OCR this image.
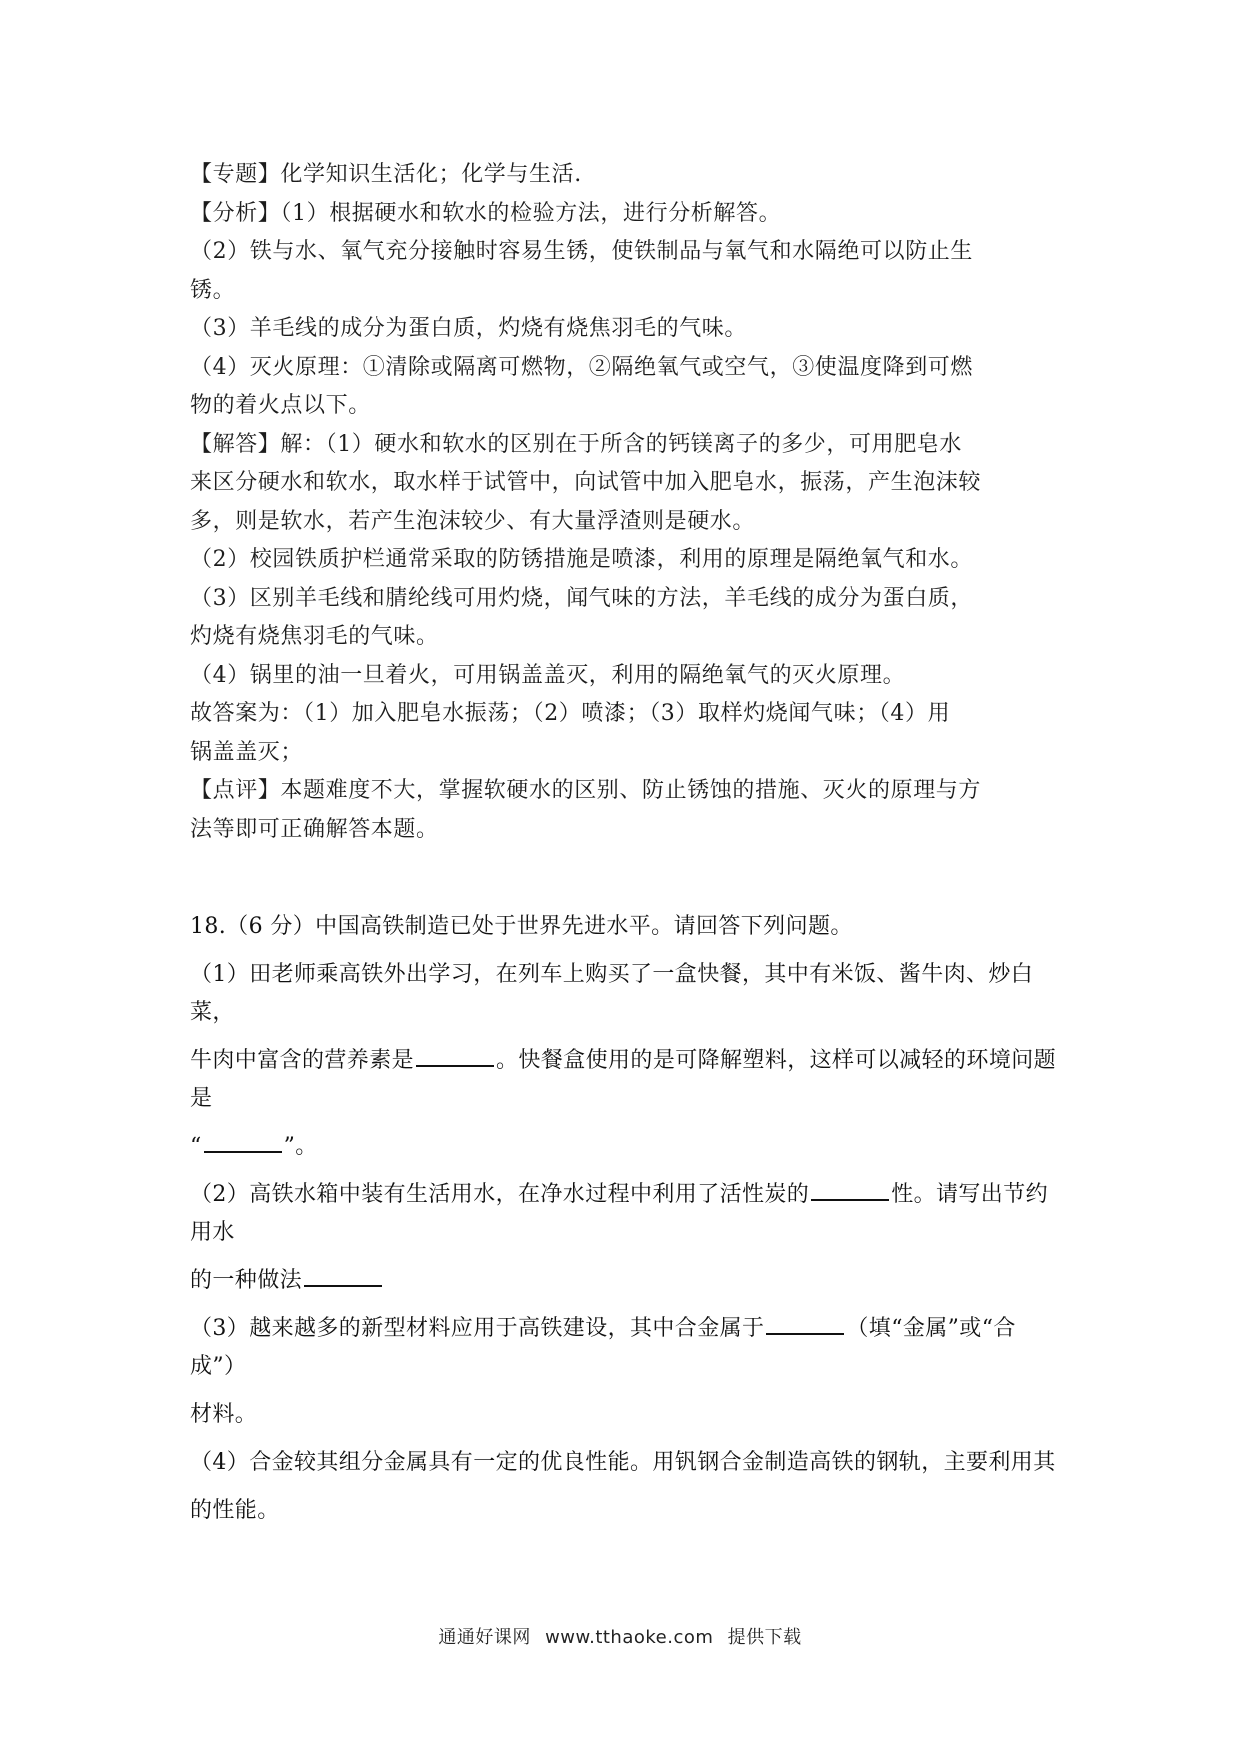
【专题】化学知识生活化；化学与生活.

【分析】（1）根据硬水和软水的检验方法，进行分析解答。

（2）铁与水、氧气充分接触时容易生锈，使铁制品与氧气和水隔绝可以防止生

锈。

（3）羊毛线的成分为蛋白质，灼烧有烧焦羽毛的气味。

（4）灭火原理：①清除或隔离可燃物，②隔绝氧气或空气，③使温度降到可燃

物的着火点以下。

【解答】解：（1）硬水和软水的区别在于所含的钙镁离子的多少，可用肥皂水

来区分硬水和软水，取水样于试管中，向试管中加入肥皂水，振荡，产生泡沫较

多，则是软水，若产生泡沫较少、有大量浮渣则是硬水。

（2）校园铁质护栏通常采取的防锈措施是喷漆，利用的原理是隔绝氧气和水。

（3）区别羊毛线和腈纶线可用灼烧，闻气味的方法，羊毛线的成分为蛋白质，

灼烧有烧焦羽毛的气味。

（4）锅里的油一旦着火，可用锅盖盖灭，利用的隔绝氧气的灭火原理。

故答案为：（1）加入肥皂水振荡；（2）喷漆；（3）取样灼烧闻气味；（4）用

锅盖盖灭；

【点评】本题难度不大，掌握软硬水的区别、防止锈蚀的措施、灭火的原理与方

法等即可正确解答本题。

18.（6 分）中国高铁制造已处于世界先进水平。请回答下列问题。

（1）田老师乘高铁外出学习，在列车上购买了一盒快餐，其中有米饭、酱牛肉、炒白菜，

牛肉中富含的营养素是	。快餐盒使用的是可降解塑料，这样可以减轻的环境问题是

“	”。

（2）高铁水箱中装有生活用水，在净水过程中利用了活性炭的	性。请写出节约用水

的一种做法

（3）越来越多的新型材料应用于高铁建设，其中合金属于	（填“金属”或“合成”）

材料。

（4）合金较其组分金属具有一定的优良性能。用钒钢合金制造高铁的钢轨，主要利用其

的性能。

通通好课网 www.tthaoke.com 提供下载
